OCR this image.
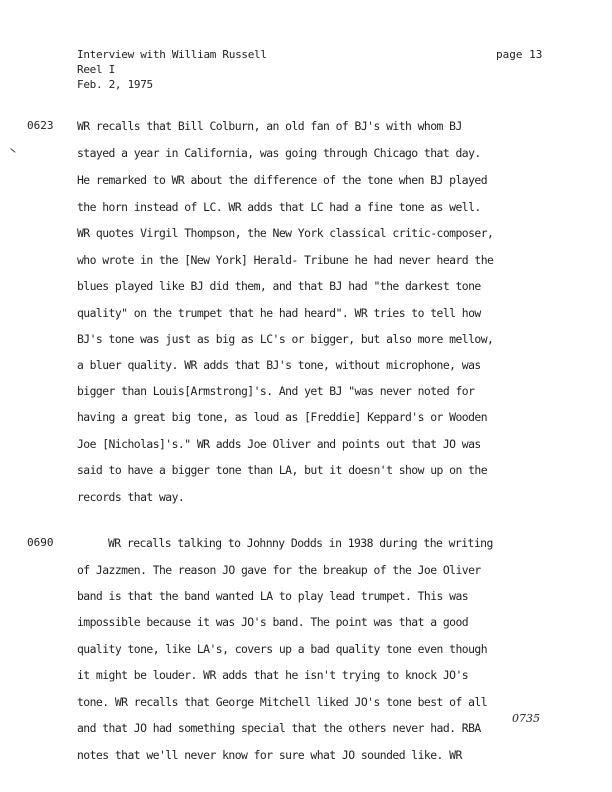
Interview with William Russell
Reel I
Feb. 2, 1975
page 13
0623
0690
WR recalls that Bill Colburn, an old fan of BJ's with whom BJ
stayed a year in California, was going through Chicago that day.
He remarked to WR about the difference of the tone when BJ played
the horn instead of LC. WR adds that LC had a fine tone as well.
WR quotes Virgil Thompson, the New York classical critic-composer,
who wrote in the [New York] Herald- Tribune he had never heard the
blues played like BJ did them, and that BJ had "the darkest tone
quality" on the trumpet that he had heard". WR tries to tell how
BJ's tone was just as big as LC's or bigger, but also more mellow,
a bluer quality. WR adds that BJ's tone, without microphone, was
bigger than Louis[Armstrong]'s. And yet BJ "was never noted for
having a great big tone, as loud as [Freddie] Keppard's or Wooden
Joe [Nicholas]'s." WR adds Joe Oliver and points out that JO was
said to have a bigger tone than LA, but it doesn't show up on the
records that way.
WR recalls talking to Johnny Dodds in 1938 during the writing
of Jazzmen. The reason JO gave for the breakup of the Joe Oliver
band is that the band wanted LA to play lead trumpet. This was
impossible because it was JO's band. The point was that a good
quality tone, like LA's, covers up a bad quality tone even though
it might be louder. WR adds that he isn't trying to knock JO's
tone. WR recalls that George Mitchell liked JO's tone best of all
and that JO had something special that the others never had. RBA
notes that we'll never know for sure what JO sounded like. WR
0735
